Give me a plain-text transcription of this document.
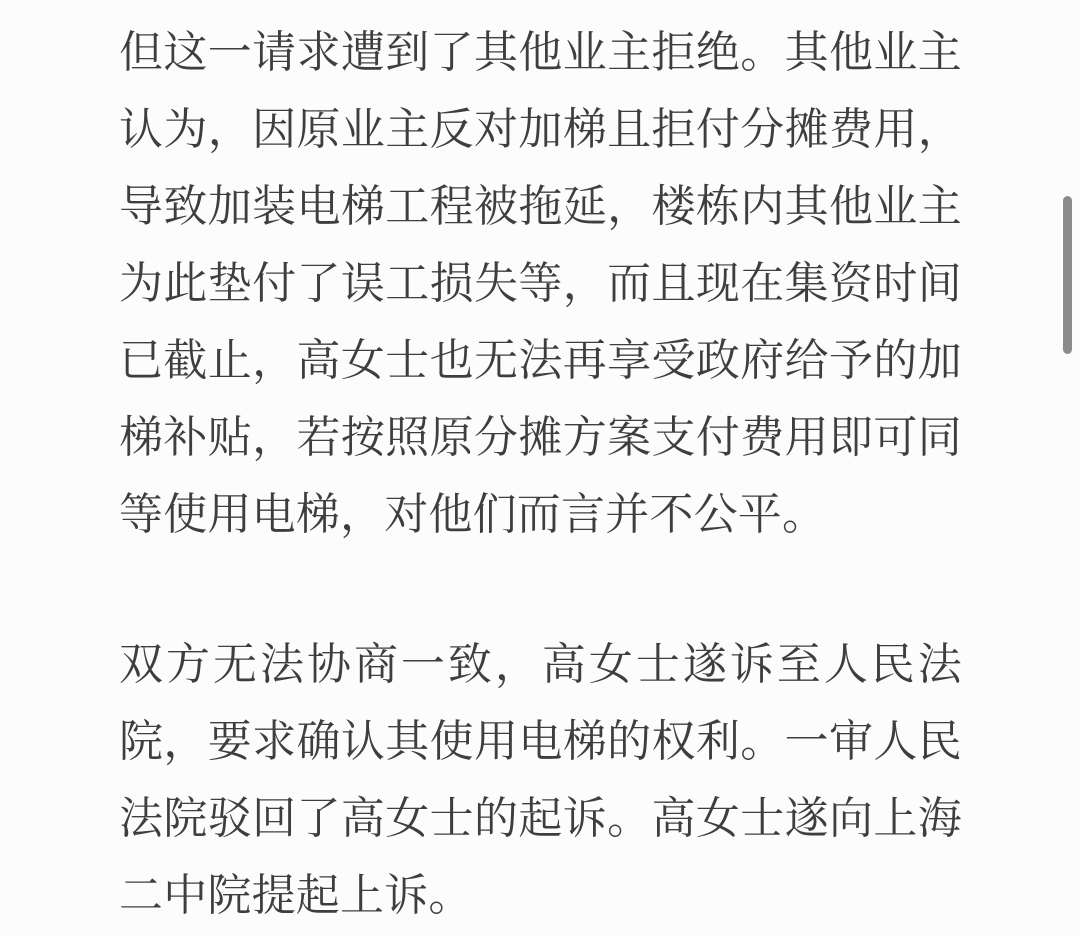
但这一请求遭到了其他业主拒绝。其他业主
认为，因原业主反对加梯且拒付分摊费用，
导致加装电梯工程被拖延，楼栋内其他业主
为此垫付了误工损失等，而且现在集资时间
已截止，高女士也无法再享受政府给予的加
梯补贴，若按照原分摊方案支付费用即可同
等使用电梯，对他们而言并不公平。
双方无法协商一致，高女士遂诉至人民法
院，要求确认其使用电梯的权利。一审人民
法院驳回了高女士的起诉。高女士遂向上海
二中院提起上诉。
